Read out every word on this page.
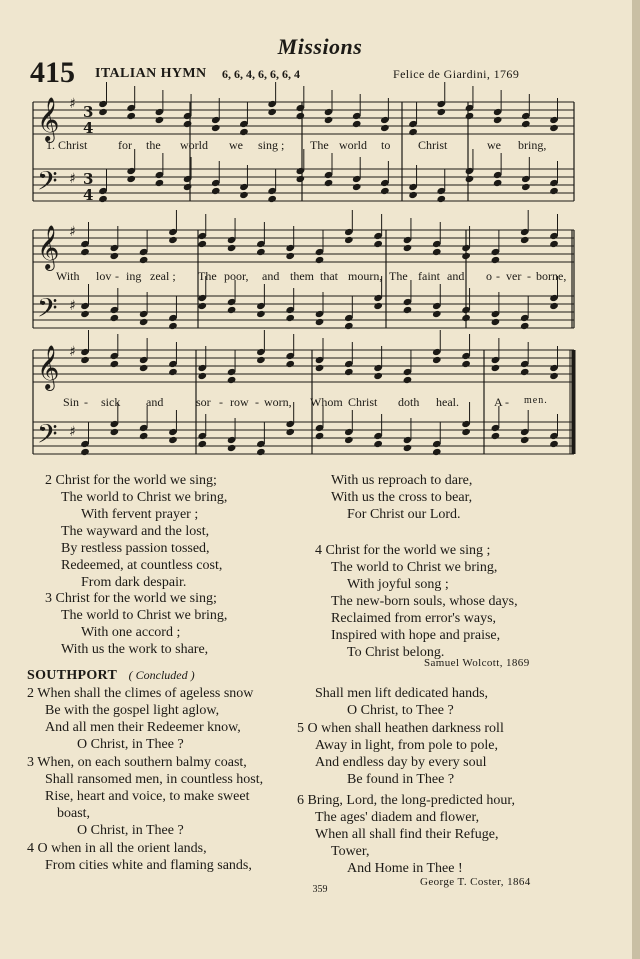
Missions
415 ITALIAN HYMN 6, 6, 4, 6, 6, 6, 4	Felice de Giardini, 1769
𝄞 ♯ 3
4
𝄢 ♯ 3
4
𝄞 ♯
𝄢 ♯
𝄞 ♯
𝄢 ♯
1. Christ	for the world we sing ; The world to Christ	we bring,
With lov - ing zeal ; The poor, and them that mourn, The faint and o - ver - borne,
Sin - sick and	sor - row - worn, Whom Christ doth heal.	A - men.
2 Christ for the world we sing;
The world to Christ we bring,
With fervent prayer ;
The wayward and the lost,
By restless passion tossed,
Redeemed, at countless cost,
From dark despair.
3 Christ for the world we sing;
The world to Christ we bring,
With one accord ;
With us the work to share,
With us reproach to dare,
With us the cross to bear,
For Christ our Lord.
4 Christ for the world we sing ;
The world to Christ we bring,
With joyful song ;
The new-born souls, whose days,
Reclaimed from error's ways,
Inspired with hope and praise,
To Christ belong.
Samuel Wolcott, 1869
SOUTHPORT ( Concluded )
2 When shall the climes of ageless snow
Be with the gospel light aglow,
And all men their Redeemer know,
O Christ, in Thee ?
3 When, on each southern balmy coast,
Shall ransomed men, in countless host,
Rise, heart and voice, to make sweet
boast,
O Christ, in Thee ?
4 O when in all the orient lands,
From cities white and flaming sands,
Shall men lift dedicated hands,
O Christ, to Thee ?
5 O when shall heathen darkness roll
Away in light, from pole to pole,
And endless day by every soul
Be found in Thee ?
6 Bring, Lord, the long-predicted hour,
The ages' diadem and flower,
When all shall find their Refuge,
Tower,
And Home in Thee !
George T. Coster, 1864
359
